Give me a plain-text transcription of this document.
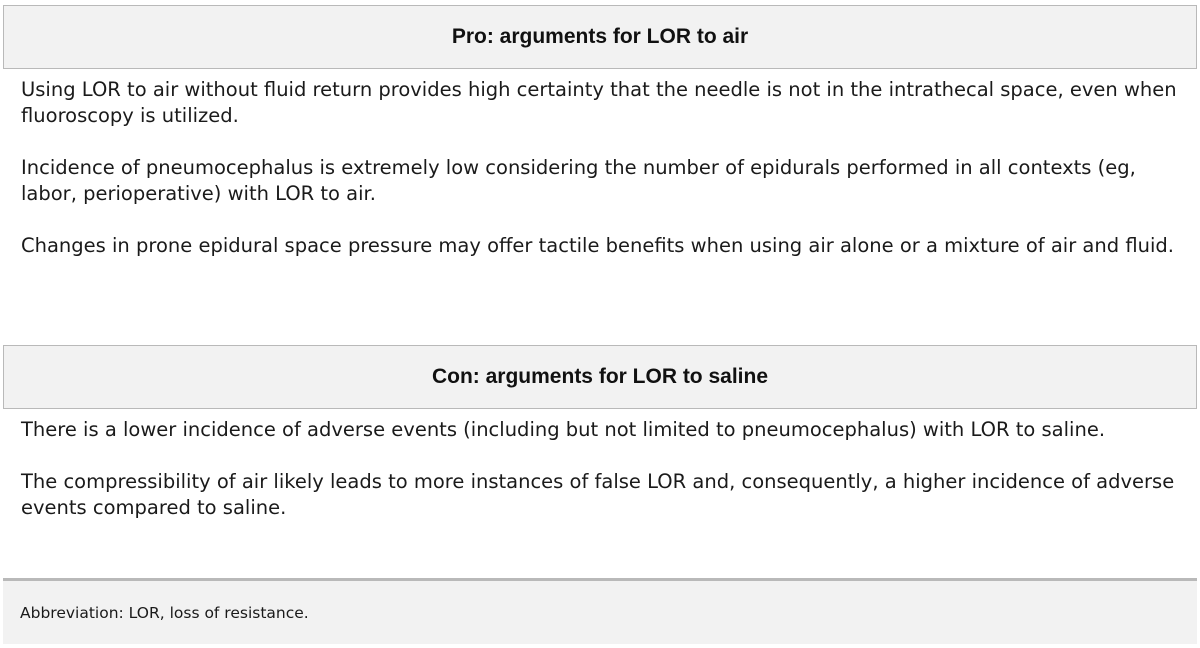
Pro: arguments for LOR to air

Using LOR to air without fluid return provides high certainty that the needle is not in the intrathecal space, even when fluoroscopy is utilized.

Incidence of pneumocephalus is extremely low considering the number of epidurals performed in all contexts (eg, labor, perioperative) with LOR to air.

Changes in prone epidural space pressure may offer tactile benefits when using air alone or a mixture of air and fluid.

Con: arguments for LOR to saline

There is a lower incidence of adverse events (including but not limited to pneumocephalus) with LOR to saline.

The compressibility of air likely leads to more instances of false LOR and, consequently, a higher incidence of adverse events compared to saline.

Abbreviation: LOR, loss of resistance.
